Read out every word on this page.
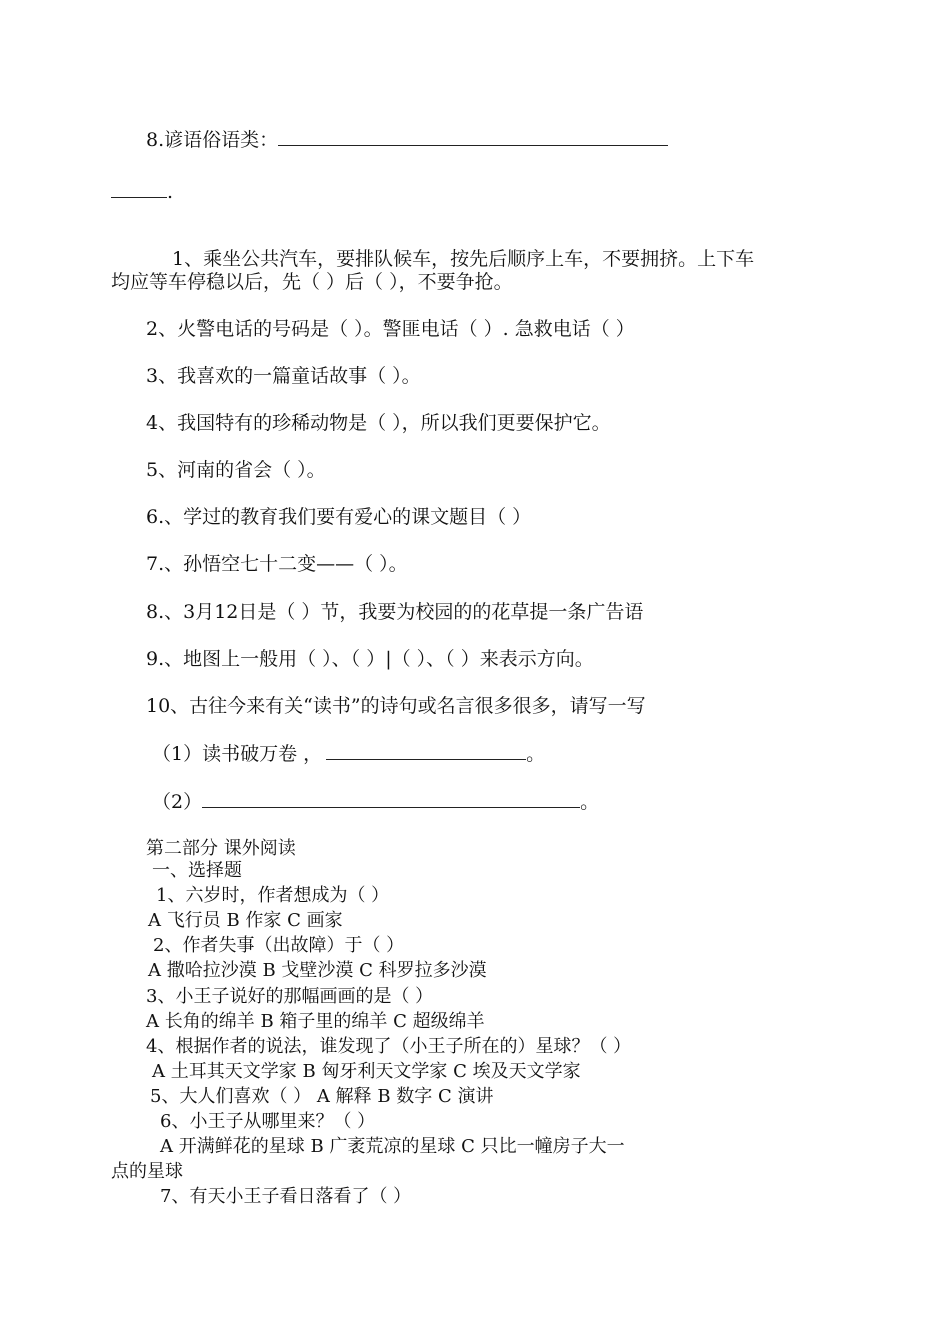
8.谚语俗语类：
.
1、乘坐公共汽车，要排队候车，按先后顺序上车，不要拥挤。上下车
均应等车停稳以后，先（ ）后（ ），不要争抢。
2、火警电话的号码是（ ）。警匪电话（ ）. 急救电话（ ）
3、我喜欢的一篇童话故事（ ）。
4、我国特有的珍稀动物是（ ），所以我们更要保护它。
5、河南的省会（ ）。
6.、学过的教育我们要有爱心的课文题目（ ）
7.、孙悟空七十二变——（ ）。
8.、3月12日是（ ）节，我要为校园的的花草提一条广告语
9.、地图上一般用（ ）、（ ）|（ ）、（ ）来表示方向。
10、古往今来有关“读书”的诗句或名言很多很多，请写一写
（1）读书破万卷 ，	。
（2）	。
第二部分 课外阅读
一、选择题
1、六岁时，作者想成为（ ）
A 飞行员 B 作家 C 画家
2、作者失事（出故障）于（ ）
A 撒哈拉沙漠 B 戈壁沙漠 C 科罗拉多沙漠
3、小王子说好的那幅画画的是（ ）
A 长角的绵羊 B 箱子里的绵羊 C 超级绵羊
4、根据作者的说法，谁发现了（小王子所在的）星球？（ ）
A 土耳其天文学家 B 匈牙利天文学家 C 埃及天文学家
5、大人们喜欢（ ） A 解释 B 数字 C 演讲
6、小王子从哪里来？（ ）
A 开满鲜花的星球 B 广袤荒凉的星球 C 只比一幢房子大一
点的星球
7、有天小王子看日落看了（ ）
